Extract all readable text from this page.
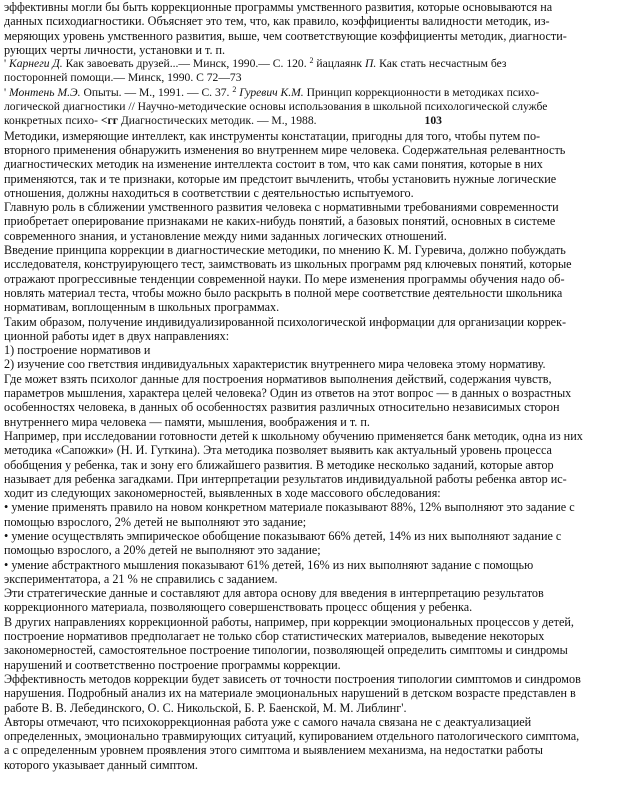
эффективны могли бы быть коррекционные программы умственного развития, которые основываются на
данных психодиагностики. Объясняет это тем, что, как правило, коэффициенты валидности методик, из-
меряющих уровень умственного развития, выше, чем соответствующие коэффициенты методик, диагности-
рующих черты личности, установки и т. п.
' Карнеги Д. Как завоевать друзей...— Минск, 1990.— С. 120. $^2$ йацлаянк П. Как стать несчастным без
посторонней помощи.— Минск, 1990. С 72—73
' Монтень М.Э. Опыты. — М., 1991. — С. 37. $^2$ Гуревич К.М. Принцип коррекционности в методиках психо-
логической диагностики // Научно-методические основы использования в школьной психологической службе
конкретных психо- <гг Диагностических методик. — М., 1988.	103
Методики, измеряющие интеллект, как инструменты констатации, пригодны для того, чтобы путем по-
вторного применения обнаружить изменения во внутреннем мире человека. Содержательная релевантность
диагностических методик на изменение интеллекта состоит в том, что как сами понятия, которые в них
применяются, так и те признаки, которые им предстоит вычленить, чтобы установить нужные логические
отношения, должны находиться в соответствии с деятельностью испытуемого.
Главную роль в сближении умственного развития человека с нормативными требованиями современности
приобретает оперирование признаками не каких-нибудь понятий, а базовых понятий, основных в системе
современного знания, и установление между ними заданных логических отношений.
Введение принципа коррекции в диагностические методики, по мнению К. М. Гуревича, должно побуждать
исследователя, конструирующего тест, заимствовать из школьных программ ряд ключевых понятий, которые
отражают прогрессивные тенденции современной науки. По мере изменения программы обучения надо об-
новлять материал теста, чтобы можно было раскрыть в полной мере соответствие деятельности школьника
нормативам, воплощенным в школьных программах.
Таким образом, получение индивидуализированной психологической информации для организации коррек-
ционной работы идет в двух направлениях:
1) построение нормативов и
2) изучение соо гветствия индивидуальных характеристик внутреннего мира человека этому нормативу.
Где может взять психолог данные для построения нормативов выполнения действий, содержания чувств,
параметров мышления, характера целей человека? Один из ответов на этот вопрос — в данных о возрастных
особенностях человека, в данных об особенностях развития различных относительно независимых сторон
внутреннего мира человека — памяти, мышления, воображения и т. п.
Например, при исследовании готовности детей к школьному обучению применяется банк методик, одна из них
методика «Сапожки» (Н. И. Гуткина). Эта методика позволяет выявить как актуальный уровень процесса
обобщения у ребенка, так и зону его ближайшего развития. В методике несколько заданий, которые автор
называет для ребенка загадками. При интерпретации результатов индивидуальной работы ребенка автор ис-
ходит из следующих закономерностей, выявленных в ходе массового обследования:
• умение применять правило на новом конкретном материале показывают 88%, 12% выполняют это задание с
помощью взрослого, 2% детей не выполняют это задание;
• умение осуществлять эмпирическое обобщение показывают 66% детей, 14% из них выполняют задание с
помощью взрослого, а 20% детей не выполняют это задание;
• умение абстрактного мышления показывают 61% детей, 16% из них выполняют задание с помощью
экспериментатора, а 21 % не справились с заданием.
Эти стратегические данные и составляют для автора основу для введения в интерпретацию результатов
коррекционного материала, позволяющего совершенствовать процесс общения у ребенка.
В других направлениях коррекционной работы, например, при коррекции эмоциональных процессов у детей,
построение нормативов предполагает не только сбор статистических материалов, выведение некоторых
закономерностей, самостоятельное построение типологии, позволяющей определить симптомы и синдромы
нарушений и соответственно построение программы коррекции.
Эффективность методов коррекции будет зависеть от точности построения типологии симптомов и синдромов
нарушения. Подробный анализ их на материале эмоциональных нарушений в детском возрасте представлен в
работе В. В. Лебединского, О. С. Никольской, Б. Р. Баенской, М. М. Либлинг'.
Авторы отмечают, что психокоррекционная работа уже с самого начала связана не с деактуализацией
определенных, эмоционально травмирующих ситуаций, купированием отдельного патологического симптома,
а с определенным уровнем проявления этого симптома и выявлением механизма, на недостатки работы
которого указывает данный симптом.
